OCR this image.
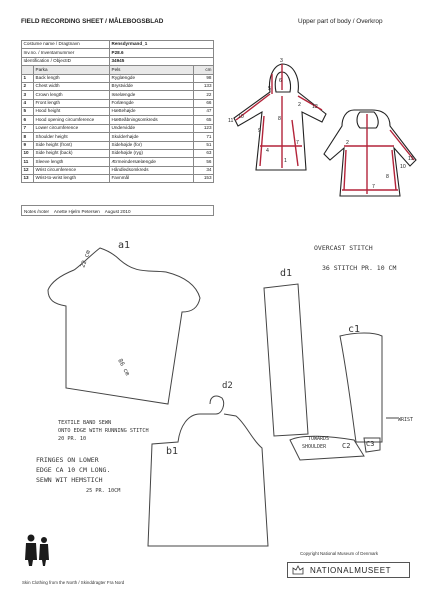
FIELD RECORDING SHEET / MÅLEBOGSBLAD	Upper part of body / Overkrop
Costume name / Dragtnavn		Rensdyrmand_1	
Inv.no. / Inventarnummer		P28.6	
Identification / ObjectID		34945	
	Parka	Pels	cm
1	Back length	Ryglængde	98
2	Chest width	Brystvidde	133
3	Crown length	Isselængde	22
4	Front length	Forlængde	66
5	Hood height	Hættehøjde	47
6	Hood opening circumference	Hætteåbningsomkreds	65
7	Lower circumference	Undervidde	123
8	Shoulder height	Skulderhøjde	71
9	Side height (front)	Sidehøjde (for)	51
10	Side height (back)	Sidehøjde (ryg)	63
11	Sleeve length	Ærmeindersælængde	56
12	Wrist circumference	Håndledsomkreds	34
13	Wrist-to-wrist length	Favnmål	153
Notes /noter Anette Hjelm Petersen August 2010
3
6
5
2 12
11
10
9
4
8
7
1
2
11
10
8
7
a1
22 cm
86 cm
d1
d2
b1
c1
C2 C3
OVERCAST STITCH
36 STITCH PR. 10 CM
WRIST
TOWARDS
SHOULDER
TEXTILE BAND SEWN
ONTO EDGE WITH RUNNING STITCH
20 PR. 10
FRINGES ON LOWER
EDGE CA 10 CM LONG.
SEWN WIT HEMSTICH
25 PR. 10CM
Skin Clothing from the North / Skinddragter Fra Nord
Copyright National Museum of Denmark
NATIONALMUSEET
